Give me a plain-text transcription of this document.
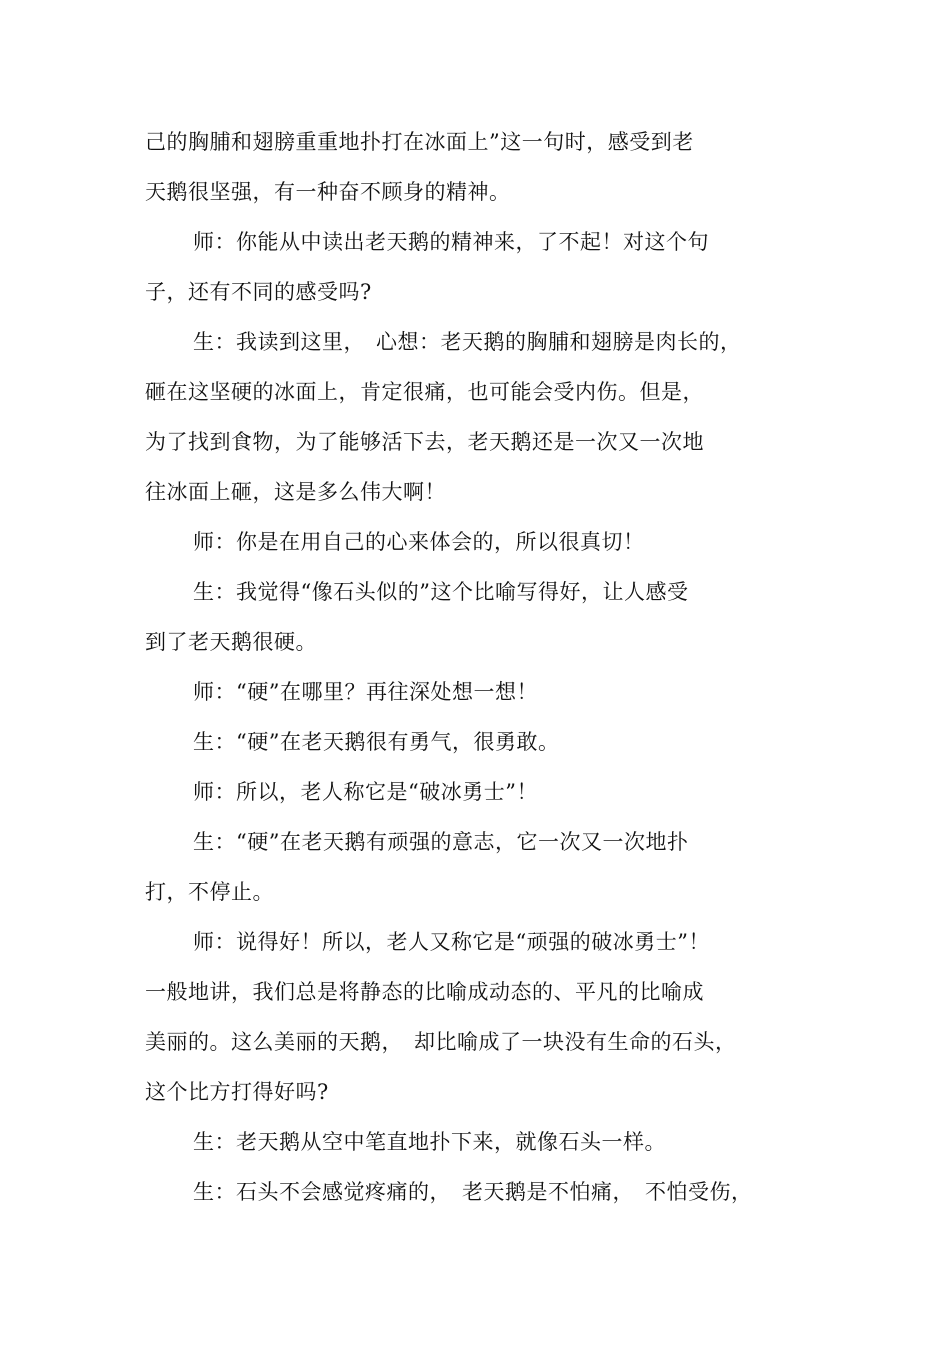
己的胸脯和翅膀重重地扑打在冰面上”这一句时，感受到老
天鹅很坚强，有一种奋不顾身的精神。
师：你能从中读出老天鹅的精神来，了不起！对这个句
子，还有不同的感受吗?
生：我读到这里，　心想：老天鹅的胸脯和翅膀是肉长的，
砸在这坚硬的冰面上，肯定很痛，也可能会受内伤。但是，
为了找到食物，为了能够活下去，老天鹅还是一次又一次地
往冰面上砸，这是多么伟大啊！
师：你是在用自己的心来体会的，所以很真切！
生：我觉得“像石头似的”这个比喻写得好，让人感受
到了老天鹅很硬。
师：“硬”在哪里？再往深处想一想！
生：“硬”在老天鹅很有勇气，很勇敢。
师：所以，老人称它是“破冰勇士”！
生：“硬”在老天鹅有顽强的意志，它一次又一次地扑
打，不停止。
师：说得好！所以，老人又称它是“顽强的破冰勇士”！
一般地讲，我们总是将静态的比喻成动态的、平凡的比喻成
美丽的。这么美丽的天鹅，　却比喻成了一块没有生命的石头，
这个比方打得好吗?
生：老天鹅从空中笔直地扑下来，就像石头一样。
生：石头不会感觉疼痛的，　老天鹅是不怕痛，　不怕受伤，
